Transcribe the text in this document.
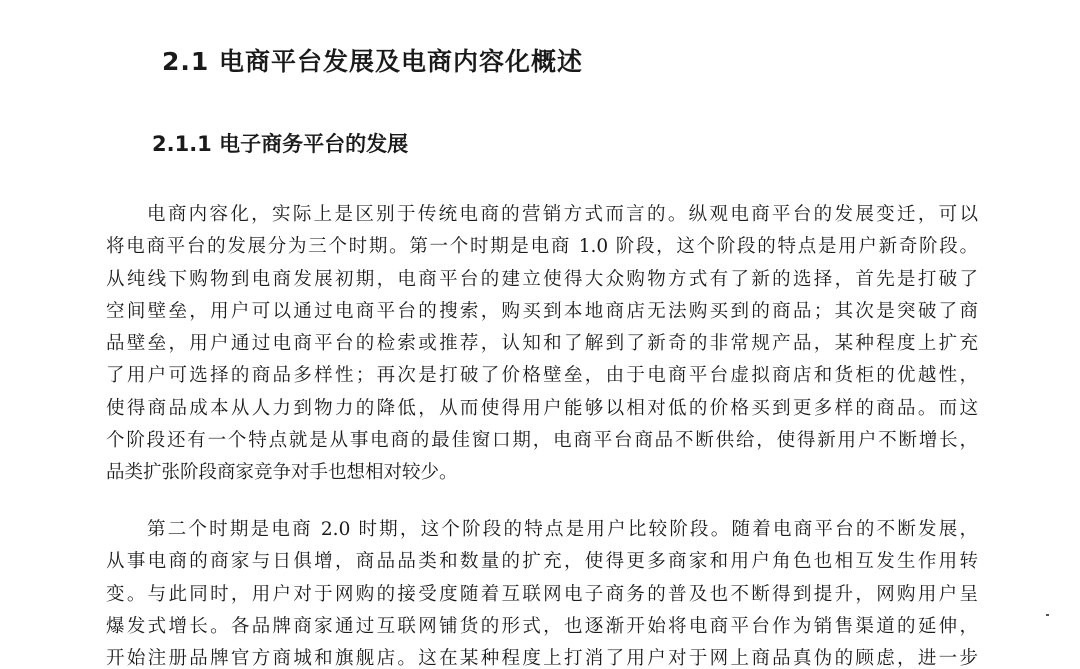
2.1 电商平台发展及电商内容化概述
2.1.1 电子商务平台的发展
电商内容化，实际上是区别于传统电商的营销方式而言的。纵观电商平台的发展变迁，可以
将电商平台的发展分为三个时期。第一个时期是电商 1.0 阶段，这个阶段的特点是用户新奇阶段。
从纯线下购物到电商发展初期，电商平台的建立使得大众购物方式有了新的选择，首先是打破了
空间壁垒，用户可以通过电商平台的搜索，购买到本地商店无法购买到的商品；其次是突破了商
品壁垒，用户通过电商平台的检索或推荐，认知和了解到了新奇的非常规产品，某种程度上扩充
了用户可选择的商品多样性；再次是打破了价格壁垒，由于电商平台虚拟商店和货柜的优越性，
使得商品成本从人力到物力的降低，从而使得用户能够以相对低的价格买到更多样的商品。而这
个阶段还有一个特点就是从事电商的最佳窗口期，电商平台商品不断供给，使得新用户不断增长，
品类扩张阶段商家竞争对手也想相对较少。
第二个时期是电商 2.0 时期，这个阶段的特点是用户比较阶段。随着电商平台的不断发展，
从事电商的商家与日俱增，商品品类和数量的扩充，使得更多商家和用户角色也相互发生作用转
变。与此同时，用户对于网购的接受度随着互联网电子商务的普及也不断得到提升，网购用户呈
爆发式增长。各品牌商家通过互联网铺货的形式，也逐渐开始将电商平台作为销售渠道的延伸，
开始注册品牌官方商城和旗舰店。这在某种程度上打消了用户对于网上商品真伪的顾虑，进一步
